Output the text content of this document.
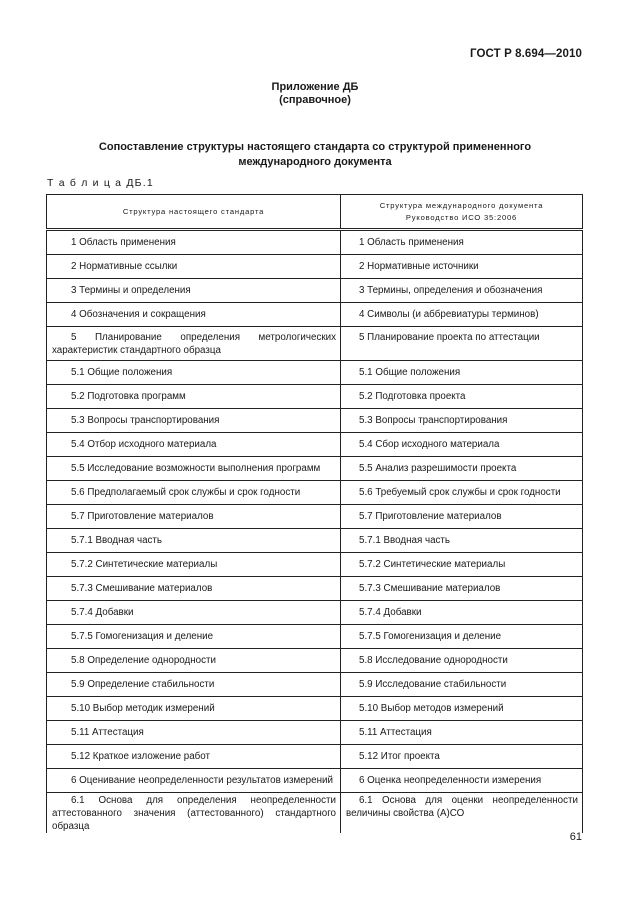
ГОСТ Р 8.694—2010
Приложение ДБ
(справочное)
Сопоставление структуры настоящего стандарта со структурой примененного международного документа
Т а б л и ц а ДБ.1
Структура настоящего стандарта	Структура международного документа
Руководство ИСО 35:2006

1 Область применения	1 Область применения
2 Нормативные ссылки	2 Нормативные источники
3 Термины и определения	3 Термины, определения и обозначения
4 Обозначения и сокращения	4 Символы (и аббревиатуры терминов)
5 Планирование определения метрологических характеристик стандартного образца	5 Планирование проекта по аттестации
5.1 Общие положения	5.1 Общие положения
5.2 Подготовка программ	5.2 Подготовка проекта
5.3 Вопросы транспортирования	5.3 Вопросы транспортирования
5.4 Отбор исходного материала	5.4 Сбор исходного материала
5.5 Исследование возможности выполнения программ	5.5 Анализ разрешимости проекта
5.6 Предполагаемый срок службы и срок годности	5.6 Требуемый срок службы и срок годности
5.7 Приготовление материалов	5.7 Приготовление материалов
5.7.1 Вводная часть	5.7.1 Вводная часть
5.7.2 Синтетические материалы	5.7.2 Синтетические материалы
5.7.3 Смешивание материалов	5.7.3 Смешивание материалов
5.7.4 Добавки	5.7.4 Добавки
5.7.5 Гомогенизация и деление	5.7.5 Гомогенизация и деление
5.8 Определение однородности	5.8 Исследование однородности
5.9 Определение стабильности	5.9 Исследование стабильности
5.10 Выбор методик измерений	5.10 Выбор методов измерений
5.11 Аттестация	5.11 Аттестация
5.12 Краткое изложение работ	5.12 Итог проекта
6 Оценивание неопределенности результатов измерений	6 Оценка неопределенности измерения
6.1 Основа для определения неопределенности аттестованного значения (аттестованного) стандартного образца	6.1 Основа для оценки неопределенности величины свойства (А)СО
61
